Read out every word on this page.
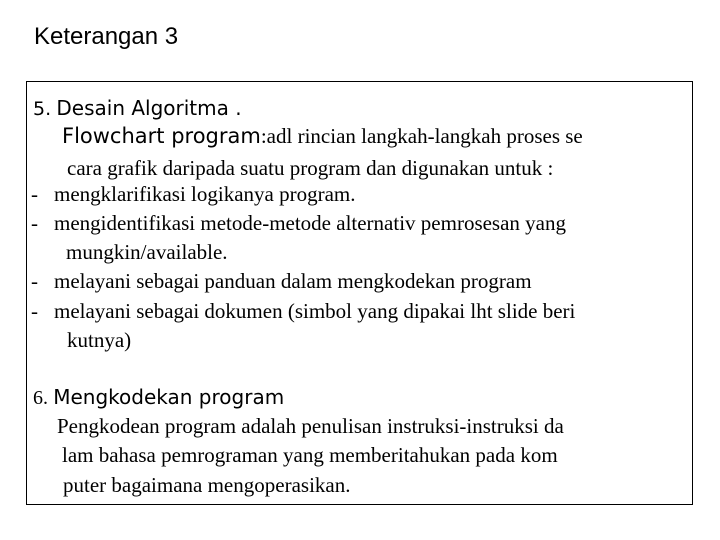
Keterangan 3
5. Desain Algoritma .
Flowchart program:adl rincian langkah-langkah proses se
cara grafik daripada suatu program dan digunakan untuk :
- mengklarifikasi logikanya program.
- mengidentifikasi metode-metode alternativ pemrosesan yang
mungkin/available.
- melayani sebagai panduan dalam mengkodekan program
- melayani sebagai dokumen (simbol yang dipakai lht slide beri
kutnya)
6. Mengkodekan program
Pengkodean program adalah penulisan instruksi-instruksi da
lam bahasa pemrograman yang memberitahukan pada kom
puter bagaimana mengoperasikan.
